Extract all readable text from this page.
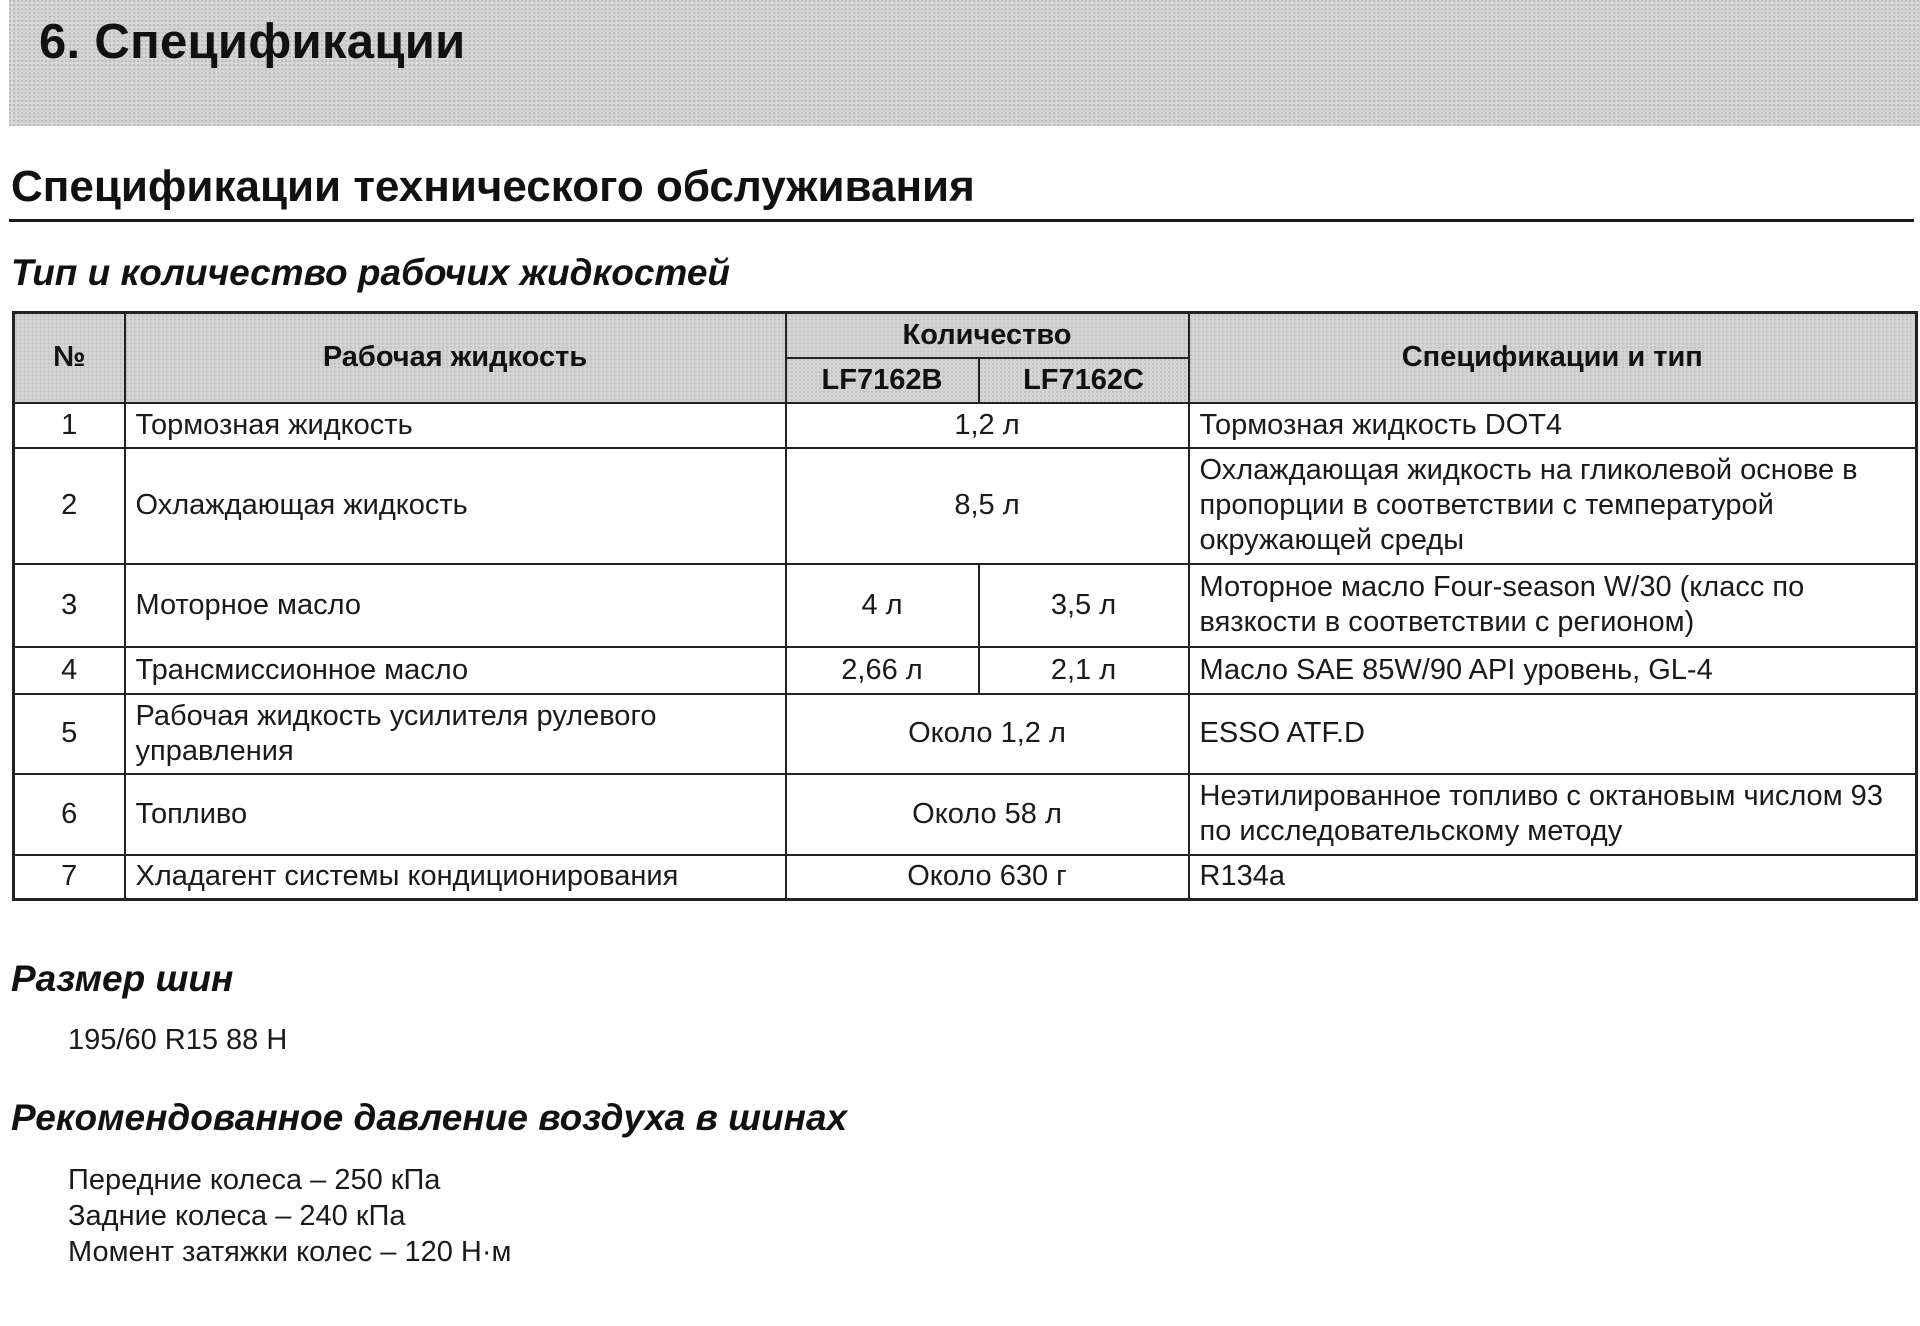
6. Спецификации
Спецификации технического обслуживания
Тип и количество рабочих жидкостей
№	Рабочая жидкость	Количество		Спецификации и тип
		LF7162B	LF7162C	
1	Тормозная жидкость	1,2 л		Тормозная жидкость DOT4
2	Охлаждающая жидкость	8,5 л		Охлаждающая жидкость на гликолевой основе в пропорции в соответствии с температурой окружающей среды
3	Моторное масло	4 л	3,5 л	Моторное масло Four-season W/30 (класс по вязкости в соответствии с регионом)
4	Трансмиссионное масло	2,66 л	2,1 л	Масло SAE 85W/90 API уровень, GL-4
5	Рабочая жидкость усилителя рулевого управления	Около 1,2 л		ESSO ATF.D
6	Топливо	Около 58 л		Неэтилированное топливо с октановым числом 93 по исследовательскому методу
7	Хладагент системы кондиционирования	Около 630 г		R134a
Размер шин

195/60 R15 88 H

Рекомендованное давление воздуха в шинах

Передние колеса – 250 кПа

Задние колеса – 240 кПа

Момент затяжки колес – 120 Н·м
